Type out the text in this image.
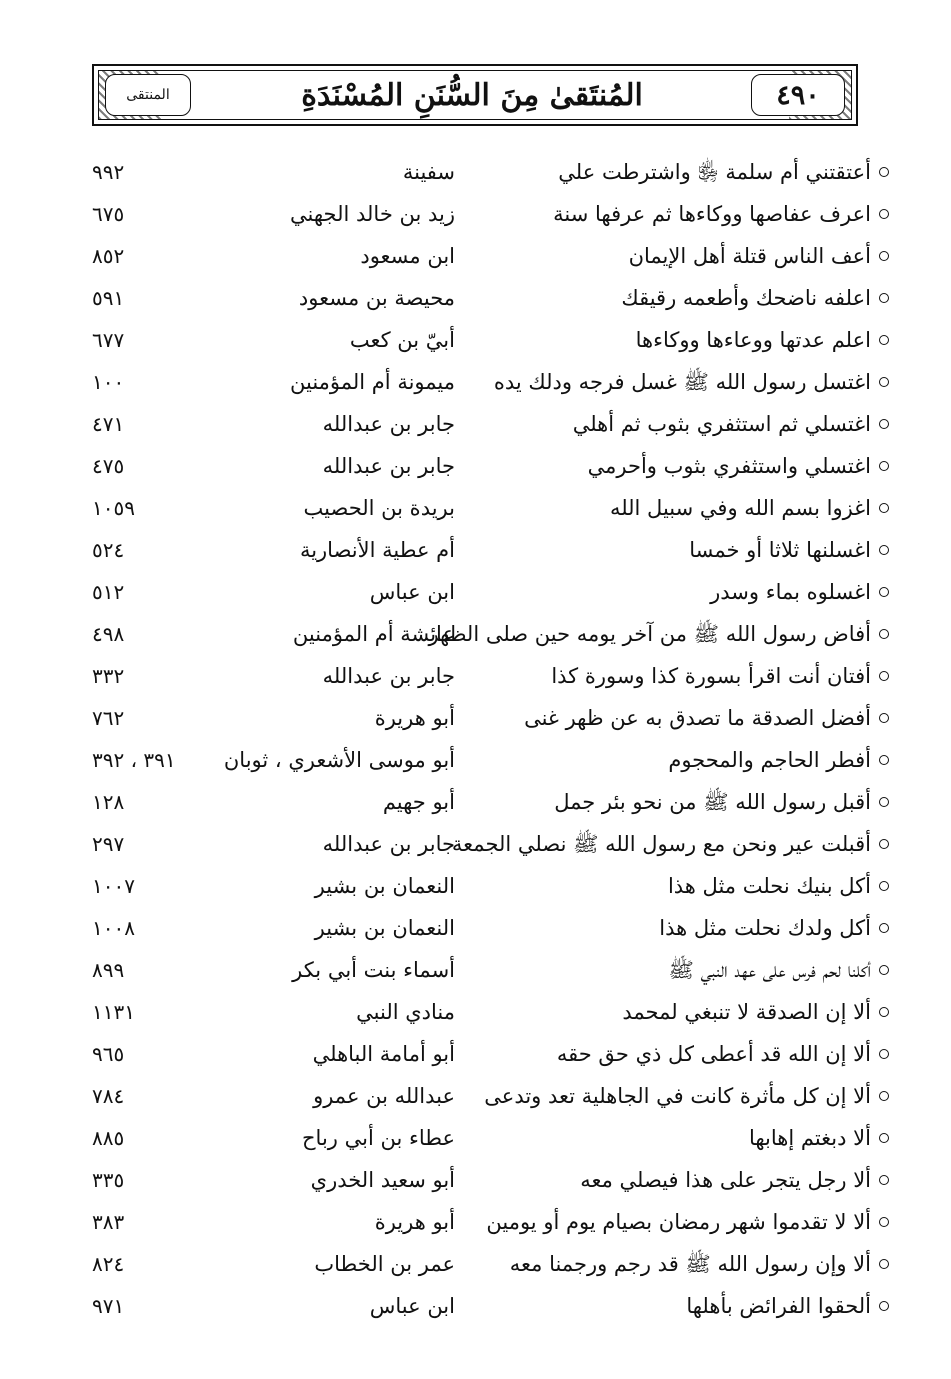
٤٩٠
المُنتَقىٰ مِنَ السُّنَنِ المُسْنَدَةِ
المنتقى
أعتقتني أم سلمة ﵂ واشترطت علي
سفينة
٩٩٢
اعرف عفاصها ووكاءها ثم عرفها سنة
زيد بن خالد الجهني
٦٧٥
أعف الناس قتلة أهل الإيمان
ابن مسعود
٨٥٢
اعلفه ناضحك وأطعمه رقيقك
محيصة بن مسعود
٥٩١
اعلم عدتها ووعاءها ووكاءها
أبيّ بن كعب
٦٧٧
اغتسل رسول الله ﷺ غسل فرجه ودلك يده
ميمونة أم المؤمنين
١٠٠
اغتسلي ثم استثفري بثوب ثم أهلي
جابر بن عبدالله
٤٧١
اغتسلي واستثفري بثوب وأحرمي
جابر بن عبدالله
٤٧٥
اغزوا بسم الله وفي سبيل الله
بريدة بن الحصيب
١٠٥٩
اغسلنها ثلاثا أو خمسا
أم عطية الأنصارية
٥٢٤
اغسلوه بماء وسدر
ابن عباس
٥١٢
أفاض رسول الله ﷺ من آخر يومه حين صلى الظهر
عائشة أم المؤمنين
٤٩٨
أفتان أنت اقرأ بسورة كذا وسورة كذا
جابر بن عبدالله
٣٣٢
أفضل الصدقة ما تصدق به عن ظهر غنى
أبو هريرة
٧٦٢
أفطر الحاجم والمحجوم
أبو موسى الأشعري ، ثوبان
٣٩١ ، ٣٩٢
أقبل رسول الله ﷺ من نحو بئر جمل
أبو جهيم
١٢٨
أقبلت عير ونحن مع رسول الله ﷺ نصلي الجمعة
جابر بن عبدالله
٢٩٧
أكل بنيك نحلت مثل هذا
النعمان بن بشير
١٠٠٧
أكل ولدك نحلت مثل هذا
النعمان بن بشير
١٠٠٨
أكلنا لحم فرس على عهد النبي ﷺ
أسماء بنت أبي بكر
٨٩٩
ألا إن الصدقة لا تنبغي لمحمد
منادي النبي
١١٣١
ألا إن الله قد أعطى كل ذي حق حقه
أبو أمامة الباهلي
٩٦٥
ألا إن كل مأثرة كانت في الجاهلية تعد وتدعى
عبدالله بن عمرو
٧٨٤
ألا دبغتم إهابها
عطاء بن أبي رباح
٨٨٥
ألا رجل يتجر على هذا فيصلي معه
أبو سعيد الخدري
٣٣٥
ألا لا تقدموا شهر رمضان بصيام يوم أو يومين
أبو هريرة
٣٨٣
ألا وإن رسول الله ﷺ قد رجم ورجمنا معه
عمر بن الخطاب
٨٢٤
ألحقوا الفرائض بأهلها
ابن عباس
٩٧١
